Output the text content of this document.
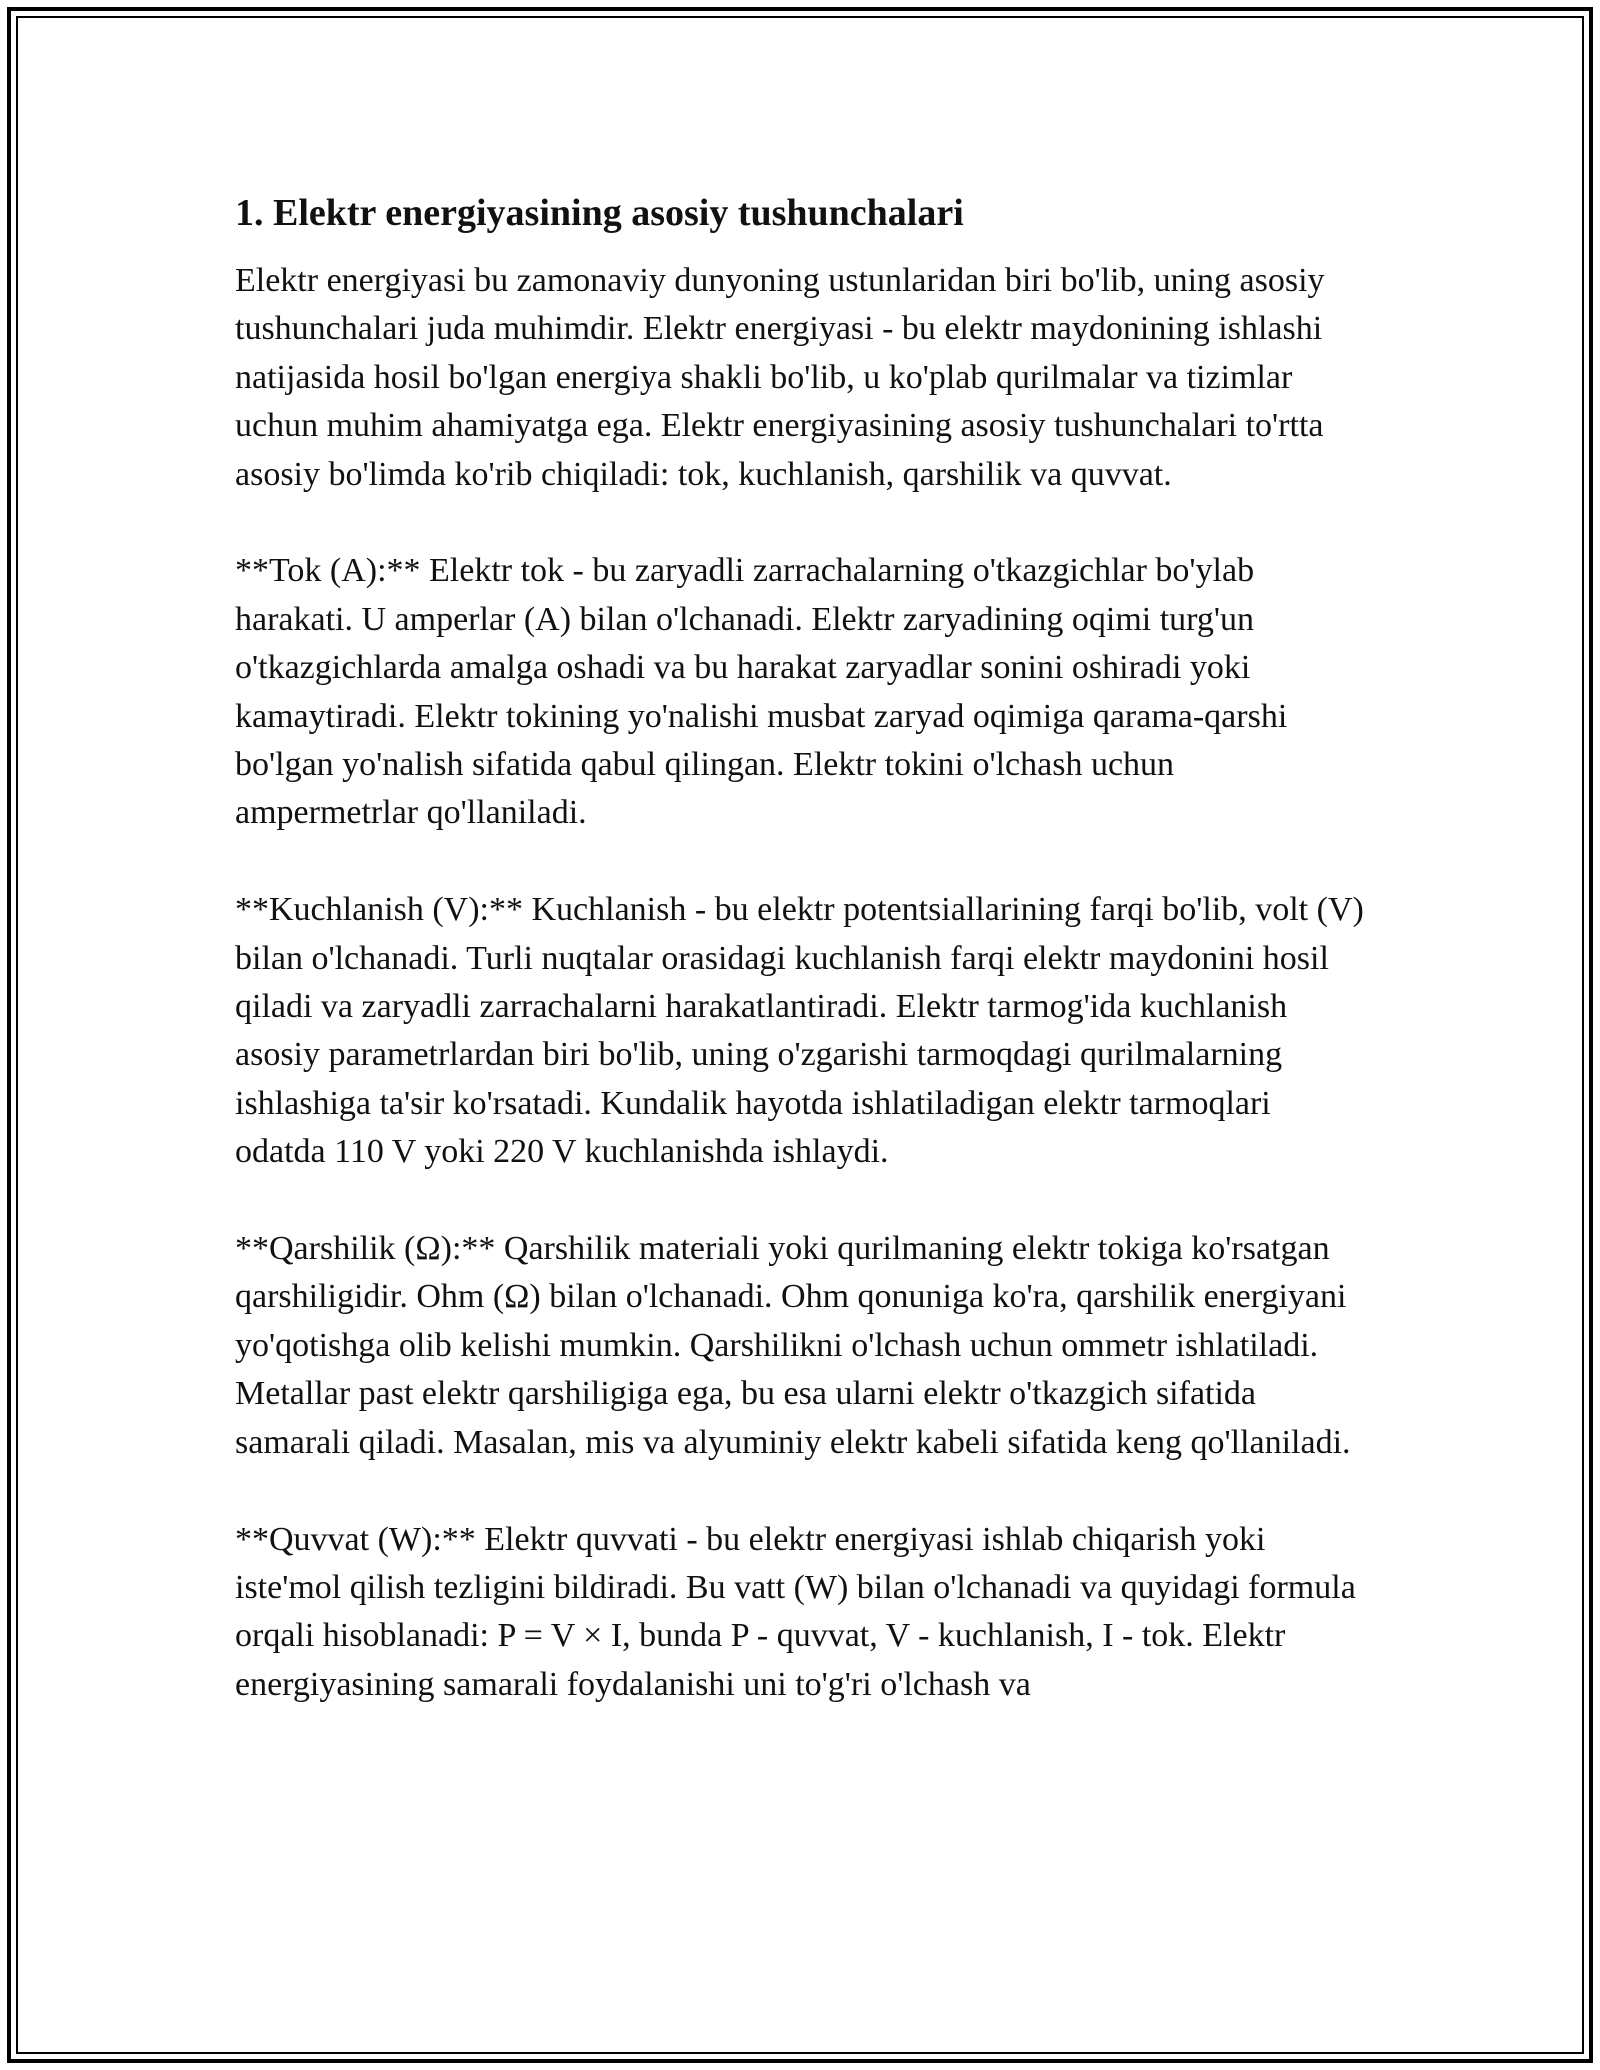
1. Elektr energiyasining asosiy tushunchalari

Elektr energiyasi bu zamonaviy dunyoning ustunlaridan biri bo'lib, uning asosiy tushunchalari juda muhimdir. Elektr energiyasi - bu elektr maydonining ishlashi natijasida hosil bo'lgan energiya shakli bo'lib, u ko'plab qurilmalar va tizimlar uchun muhim ahamiyatga ega. Elektr energiyasining asosiy tushunchalari to'rtta asosiy bo'limda ko'rib chiqiladi: tok, kuchlanish, qarshilik va quvvat.

**Tok (A):** Elektr tok - bu zaryadli zarrachalarning o'tkazgichlar bo'ylab harakati. U amperlar (A) bilan o'lchanadi. Elektr zaryadining oqimi turg'un o'tkazgichlarda amalga oshadi va bu harakat zaryadlar sonini oshiradi yoki kamaytiradi. Elektr tokining yo'nalishi musbat zaryad oqimiga qarama-qarshi bo'lgan yo'nalish sifatida qabul qilingan. Elektr tokini o'lchash uchun ampermetrlar qo'llaniladi.

**Kuchlanish (V):** Kuchlanish - bu elektr potentsiallarining farqi bo'lib, volt (V) bilan o'lchanadi. Turli nuqtalar orasidagi kuchlanish farqi elektr maydonini hosil qiladi va zaryadli zarrachalarni harakatlantiradi. Elektr tarmog'ida kuchlanish asosiy parametrlardan biri bo'lib, uning o'zgarishi tarmoqdagi qurilmalarning ishlashiga ta'sir ko'rsatadi. Kundalik hayotda ishlatiladigan elektr tarmoqlari odatda 110 V yoki 220 V kuchlanishda ishlaydi.

**Qarshilik (Ω):** Qarshilik materiali yoki qurilmaning elektr tokiga ko'rsatgan qarshiligidir. Ohm (Ω) bilan o'lchanadi. Ohm qonuniga ko'ra, qarshilik energiyani yo'qotishga olib kelishi mumkin. Qarshilikni o'lchash uchun ommetr ishlatiladi. Metallar past elektr qarshiligiga ega, bu esa ularni elektr o'tkazgich sifatida samarali qiladi. Masalan, mis va alyuminiy elektr kabeli sifatida keng qo'llaniladi.

**Quvvat (W):** Elektr quvvati - bu elektr energiyasi ishlab chiqarish yoki iste'mol qilish tezligini bildiradi. Bu vatt (W) bilan o'lchanadi va quyidagi formula orqali hisoblanadi: P = V × I, bunda P - quvvat, V - kuchlanish, I - tok. Elektr energiyasining samarali foydalanishi uni to'g'ri o'lchash va
